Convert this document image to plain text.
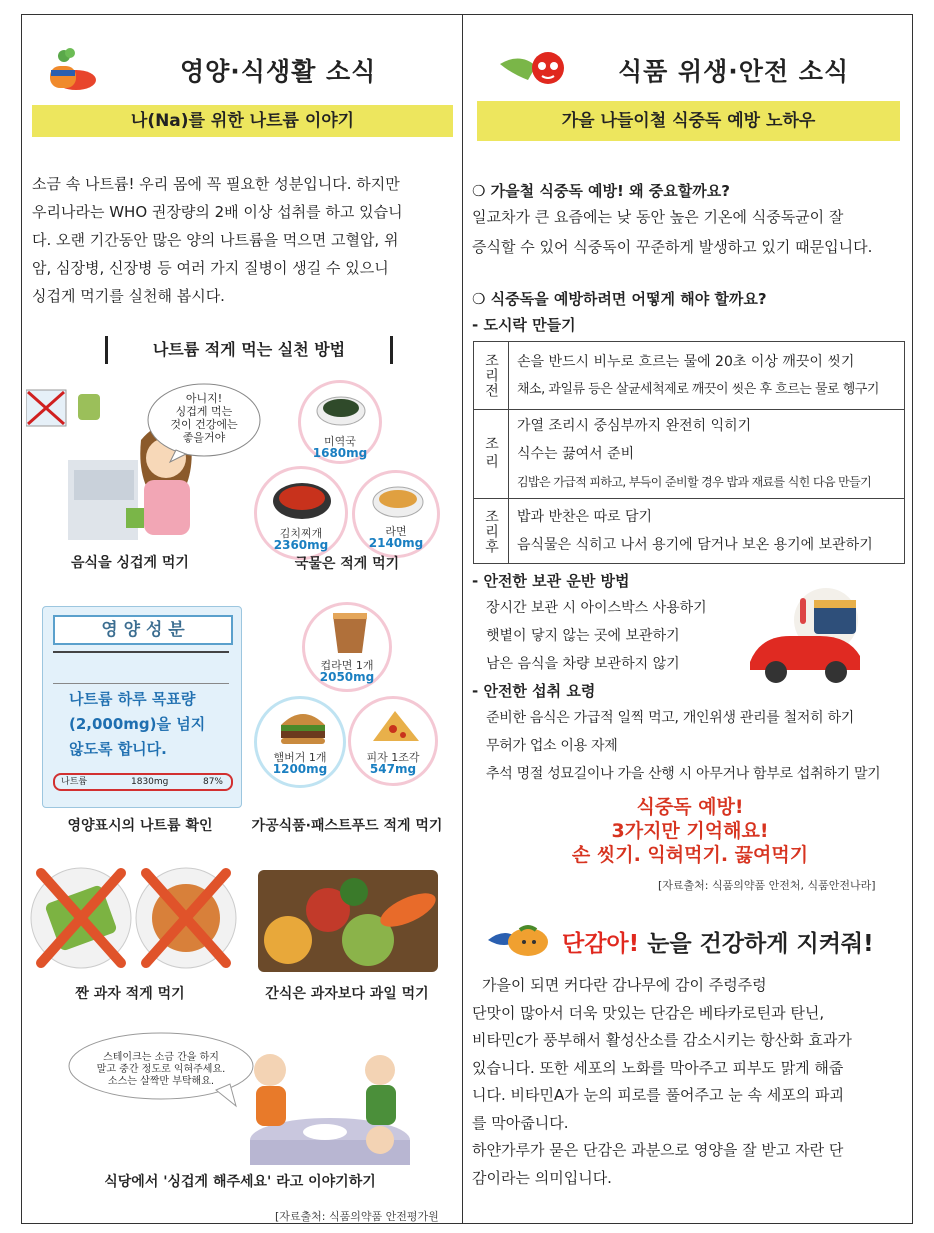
영양·식생활 소식
나(Na)를 위한 나트륨 이야기
소금 속 나트륨! 우리 몸에 꼭 필요한 성분입니다. 하지만
우리나라는 WHO 권장량의 2배 이상 섭취를 하고 있습니
다. 오랜 기간동안 많은 양의 나트륨을 먹으면 고혈압, 위
암, 심장병, 신장병 등 여러 가지 질병이 생길 수 있으니
싱겁게 먹기를 실천해 봅시다.
나트륨 적게 먹는 실천 방법
아니지!
싱겁게 먹는
것이 건강에는
좋을거야
음식을 싱겁게 먹기
미역국
1680mg
김치찌개
2360mg
라면
2140mg
국물은 적게 먹기
영 양 성 분
나트륨 하루 목표량
(2,000mg)을 넘지
않도록 합니다.
나트륨	1830mg	87%
영양표시의 나트륨 확인
컵라면 1개
2050mg
햄버거 1개
1200mg
피자 1조각
547mg
가공식품·패스트푸드 적게 먹기
짠 과자 적게 먹기	간식은 과자보다 과일 먹기
스테이크는 소금 간을 하지
말고 중간 정도로 익혀주세요.
소스는 살짝만 부탁해요.
식당에서 '싱겁게 해주세요' 라고 이야기하기
[자료출처: 식품의약품 안전평가원
식품 위생·안전 소식
가을 나들이철 식중독 예방 노하우
❍ 가을철 식중독 예방! 왜 중요할까요?
일교차가 큰 요즘에는 낮 동안 높은 기온에 식중독균이 잘
증식할 수 있어 식중독이 꾸준하게 발생하고 있기 때문입니다.
❍ 식중독을 예방하려면 어떻게 해야 할까요?
- 도시락 만들기
조리전	손을 반드시 비누로 흐르는 물에 20초 이상 깨끗이 씻기
채소, 과일류 등은 살균세척제로 깨끗이 씻은 후 흐르는 물로 헹구기

조리	가열 조리시 중심부까지 완전히 익히기
식수는 끓여서 준비
김밥은 가급적 피하고, 부득이 준비할 경우 밥과 재료를 식힌 다음 만들기

조리후	밥과 반찬은 따로 담기
음식물은 식히고 나서 용기에 담거나 보온 용기에 보관하기
- 안전한 보관 운반 방법
장시간 보관 시 아이스박스 사용하기
햇볕이 닿지 않는 곳에 보관하기
남은 음식을 차량 보관하지 않기
- 안전한 섭취 요령
준비한 음식은 가급적 일찍 먹고, 개인위생 관리를 철저히 하기
무허가 업소 이용 자제
추석 명절 성묘길이나 가을 산행 시 아무거나 함부로 섭취하기 말기
식중독 예방!
3가지만 기억해요!
손 씻기. 익혀먹기. 끓여먹기
[자료출처: 식품의약품 안전처, 식품안전나라]
단감아! 눈을 건강하게 지켜줘!
가을이 되면 커다란 감나무에 감이 주렁주렁
단맛이 많아서 더욱 맛있는 단감은 베타카로틴과 탄닌,
비타민c가 풍부해서 활성산소를 감소시키는 항산화 효과가
있습니다. 또한 세포의 노화를 막아주고 피부도 맑게 해줍
니다. 비타민A가 눈의 피로를 풀어주고 눈 속 세포의 파괴
를 막아줍니다.
하얀가루가 묻은 단감은 과분으로 영양을 잘 받고 자란 단
감이라는 의미입니다.
